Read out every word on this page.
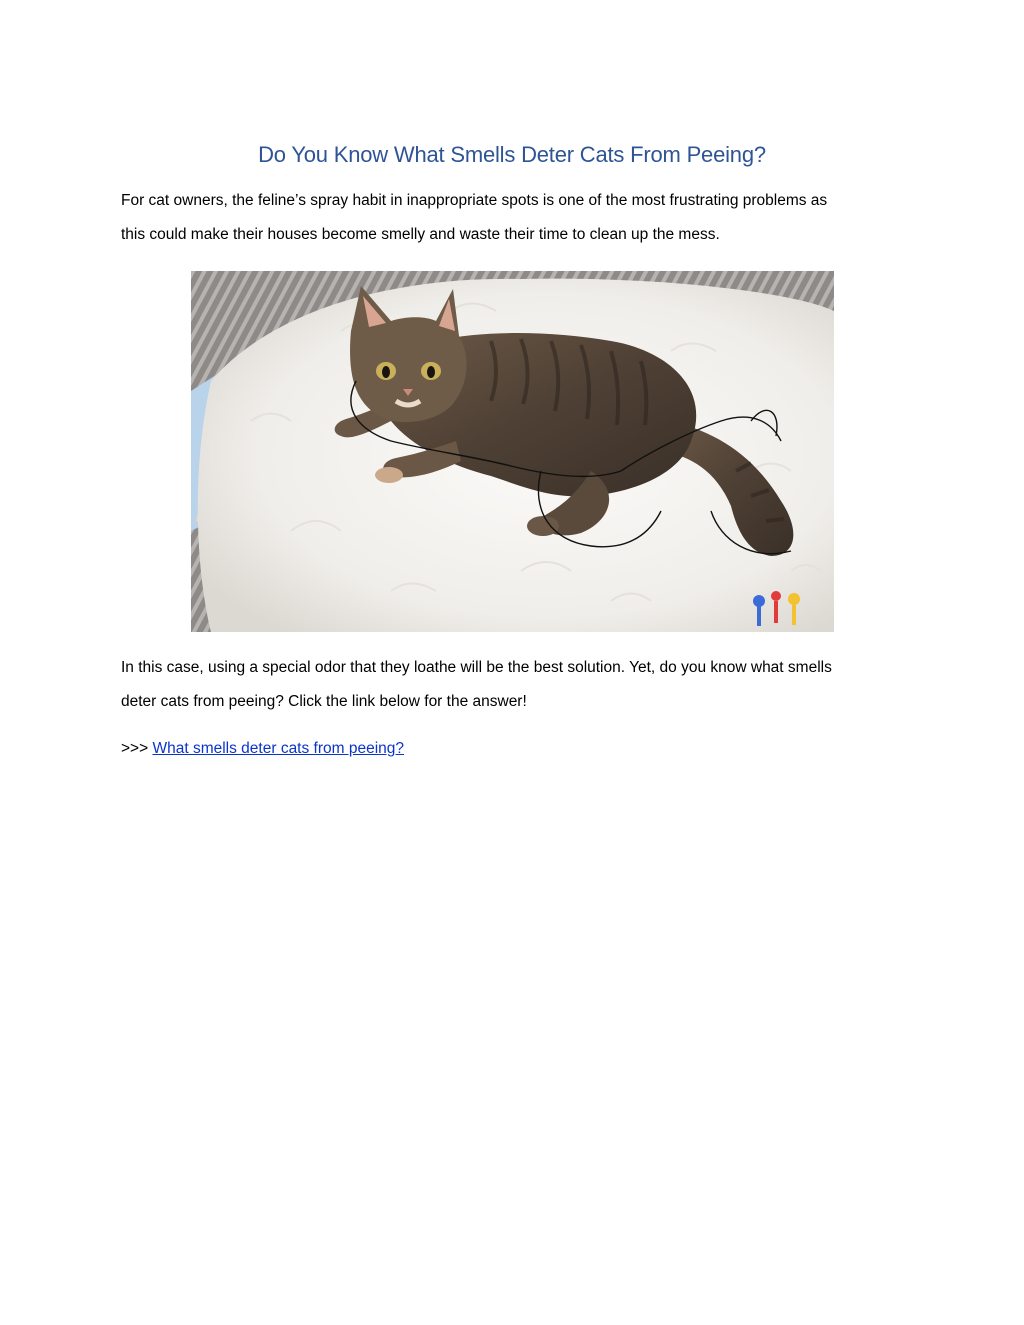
Do You Know What Smells Deter Cats From Peeing?
For cat owners, the feline’s spray habit in inappropriate spots is one of the most frustrating problems as
this could make their houses become smelly and waste their time to clean up the mess.
In this case, using a special odor that they loathe will be the best solution. Yet, do you know what smells
deter cats from peeing? Click the link below for the answer!
>>> What smells deter cats from peeing?
